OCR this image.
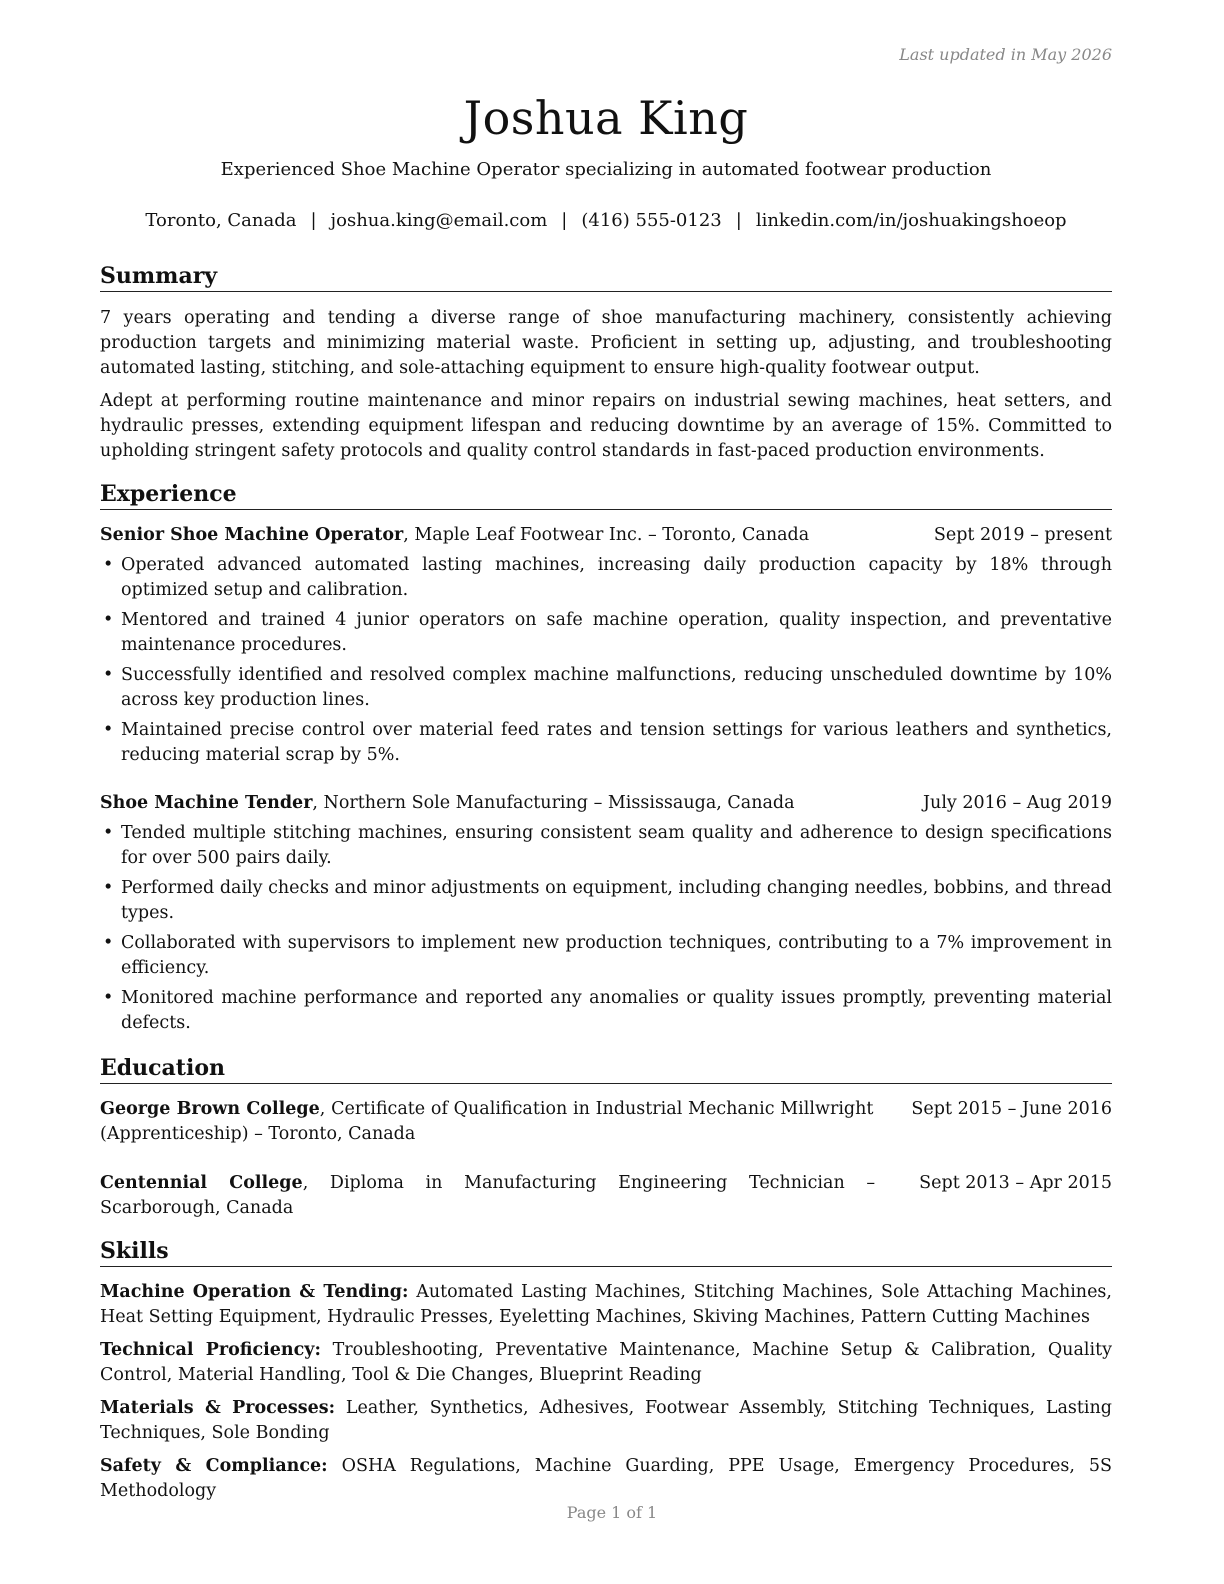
Last updated in May 2026
Joshua King
Experienced Shoe Machine Operator specializing in automated footwear production
Toronto, Canada | joshua.king@email.com | (416) 555-0123 | linkedin.com/in/joshuakingshoeop
Summary

7 years operating and tending a diverse range of shoe manufacturing machinery, consistently achieving production targets and minimizing material waste. Proficient in setting up, adjusting, and troubleshooting automated lasting, stitching, and sole-attaching equipment to ensure high-quality footwear output.

Adept at performing routine maintenance and minor repairs on industrial sewing machines, heat setters, and hydraulic presses, extending equipment lifespan and reducing downtime by an average of 15%. Committed to upholding stringent safety protocols and quality control standards in fast-paced production environments.

Experience
Senior Shoe Machine Operator, Maple Leaf Footwear Inc. – Toronto, Canada	Sept 2019 – present
• Operated advanced automated lasting machines, increasing daily production capacity by 18% through optimized setup and calibration.
• Mentored and trained 4 junior operators on safe machine operation, quality inspection, and preventative maintenance procedures.
• Successfully identified and resolved complex machine malfunctions, reducing unscheduled downtime by 10% across key production lines.
• Maintained precise control over material feed rates and tension settings for various leathers and synthetics, reducing material scrap by 5%.
Shoe Machine Tender, Northern Sole Manufacturing – Mississauga, Canada	July 2016 – Aug 2019
• Tended multiple stitching machines, ensuring consistent seam quality and adherence to design specifications for over 500 pairs daily.
• Performed daily checks and minor adjustments on equipment, including changing needles, bobbins, and thread types.
• Collaborated with supervisors to implement new production techniques, contributing to a 7% improvement in efficiency.
• Monitored machine performance and reported any anomalies or quality issues promptly, preventing material defects.
Education
George Brown College, Certificate of Qualification in Industrial Mechanic Millwright (Apprenticeship) – Toronto, Canada
Sept 2015 – June 2016
Centennial College, Diploma in Manufacturing Engineering Technician – Scarborough, Canada
Sept 2013 – Apr 2015
Skills
Machine Operation & Tending: Automated Lasting Machines, Stitching Machines, Sole Attaching Machines, Heat Setting Equipment, Hydraulic Presses, Eyeletting Machines, Skiving Machines, Pattern Cutting Machines
Technical Proficiency: Troubleshooting, Preventative Maintenance, Machine Setup & Calibration, Quality Control, Material Handling, Tool & Die Changes, Blueprint Reading
Materials & Processes: Leather, Synthetics, Adhesives, Footwear Assembly, Stitching Techniques, Lasting Techniques, Sole Bonding
Safety & Compliance: OSHA Regulations, Machine Guarding, PPE Usage, Emergency Procedures, 5S Methodology
Page 1 of 1
